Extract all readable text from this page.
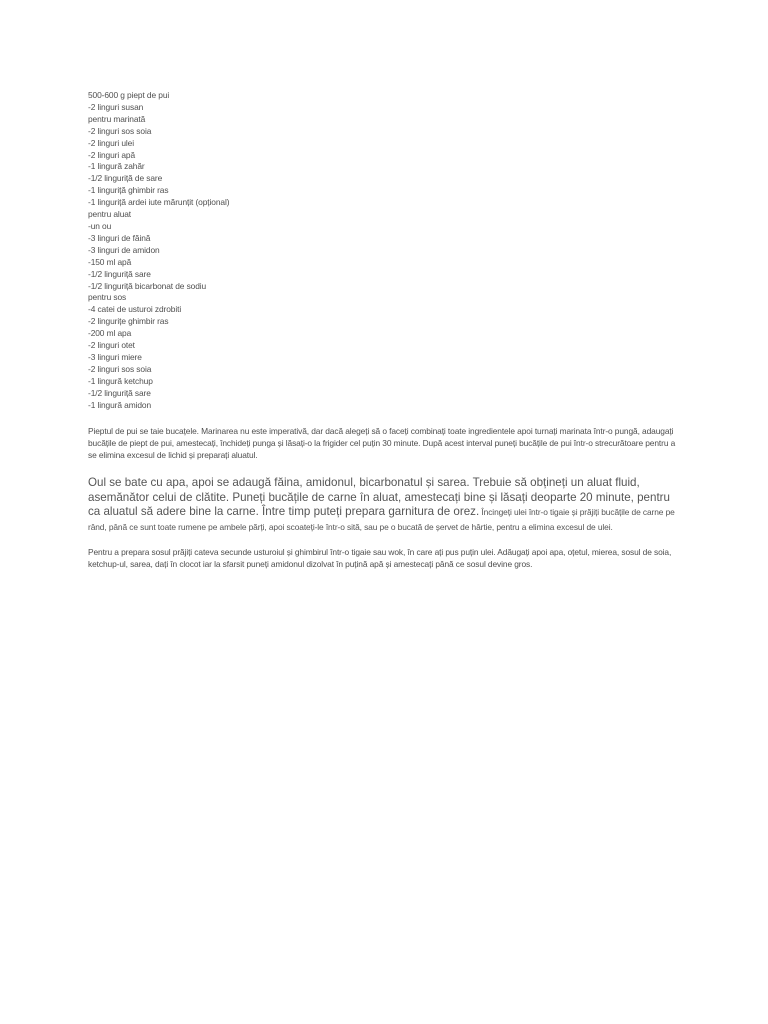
500-600 g piept de pui
-2 linguri susan
pentru marinată
-2 linguri sos soia
-2 linguri ulei
-2 linguri apă
-1 lingură zahăr
-1/2 linguriță de sare
-1 linguriță ghimbir ras
-1 linguriță ardei iute mărunțit (opțional)
pentru aluat
-un ou
-3 linguri de făină
-3 linguri de amidon
-150 ml apă
-1/2 linguriță sare
-1/2 linguriță bicarbonat de sodiu
pentru sos
-4 catei de usturoi zdrobiti
-2 lingurițe ghimbir ras
-200 ml apa
-2 linguri otet
-3 linguri miere
-2 linguri sos soia
-1 lingură ketchup
-1/2 linguriță sare
-1 lingură amidon

Pieptul de pui se taie bucațele. Marinarea nu este imperativă, dar dacă alegeți să o faceți combinați toate ingredientele apoi turnați marinata într-o pungă, adaugați bucățile de piept de pui, amestecați, închideți punga și lăsați-o la frigider cel puțin 30 minute. După acest interval puneți bucățile de pui într-o strecurătoare pentru a se elimina excesul de lichid și preparați aluatul.

Oul se bate cu apa, apoi se adaugă făina, amidonul, bicarbonatul și sarea. Trebuie să obțineți un aluat fluid, asemănător celui de clătite. Puneți bucățile de carne în aluat, amestecați bine și lăsați deoparte 20 minute, pentru ca aluatul să adere bine la carne. Între timp puteți prepara garnitura de orez. Încingeți ulei într-o tigaie și prăjiți bucățile de carne pe rând, până ce sunt toate rumene pe ambele părți, apoi scoateți-le într-o sită, sau pe o bucată de șervet de hârtie, pentru a elimina excesul de ulei.

Pentru a prepara sosul prăjiți cateva secunde usturoiul și ghimbirul într-o tigaie sau wok, în care ați pus puțin ulei. Adăugați apoi apa, oțetul, mierea, sosul de soia, ketchup-ul, sarea, dați în clocot iar la sfarsit puneți amidonul dizolvat în puțină apă și amestecați până ce sosul devine gros.
